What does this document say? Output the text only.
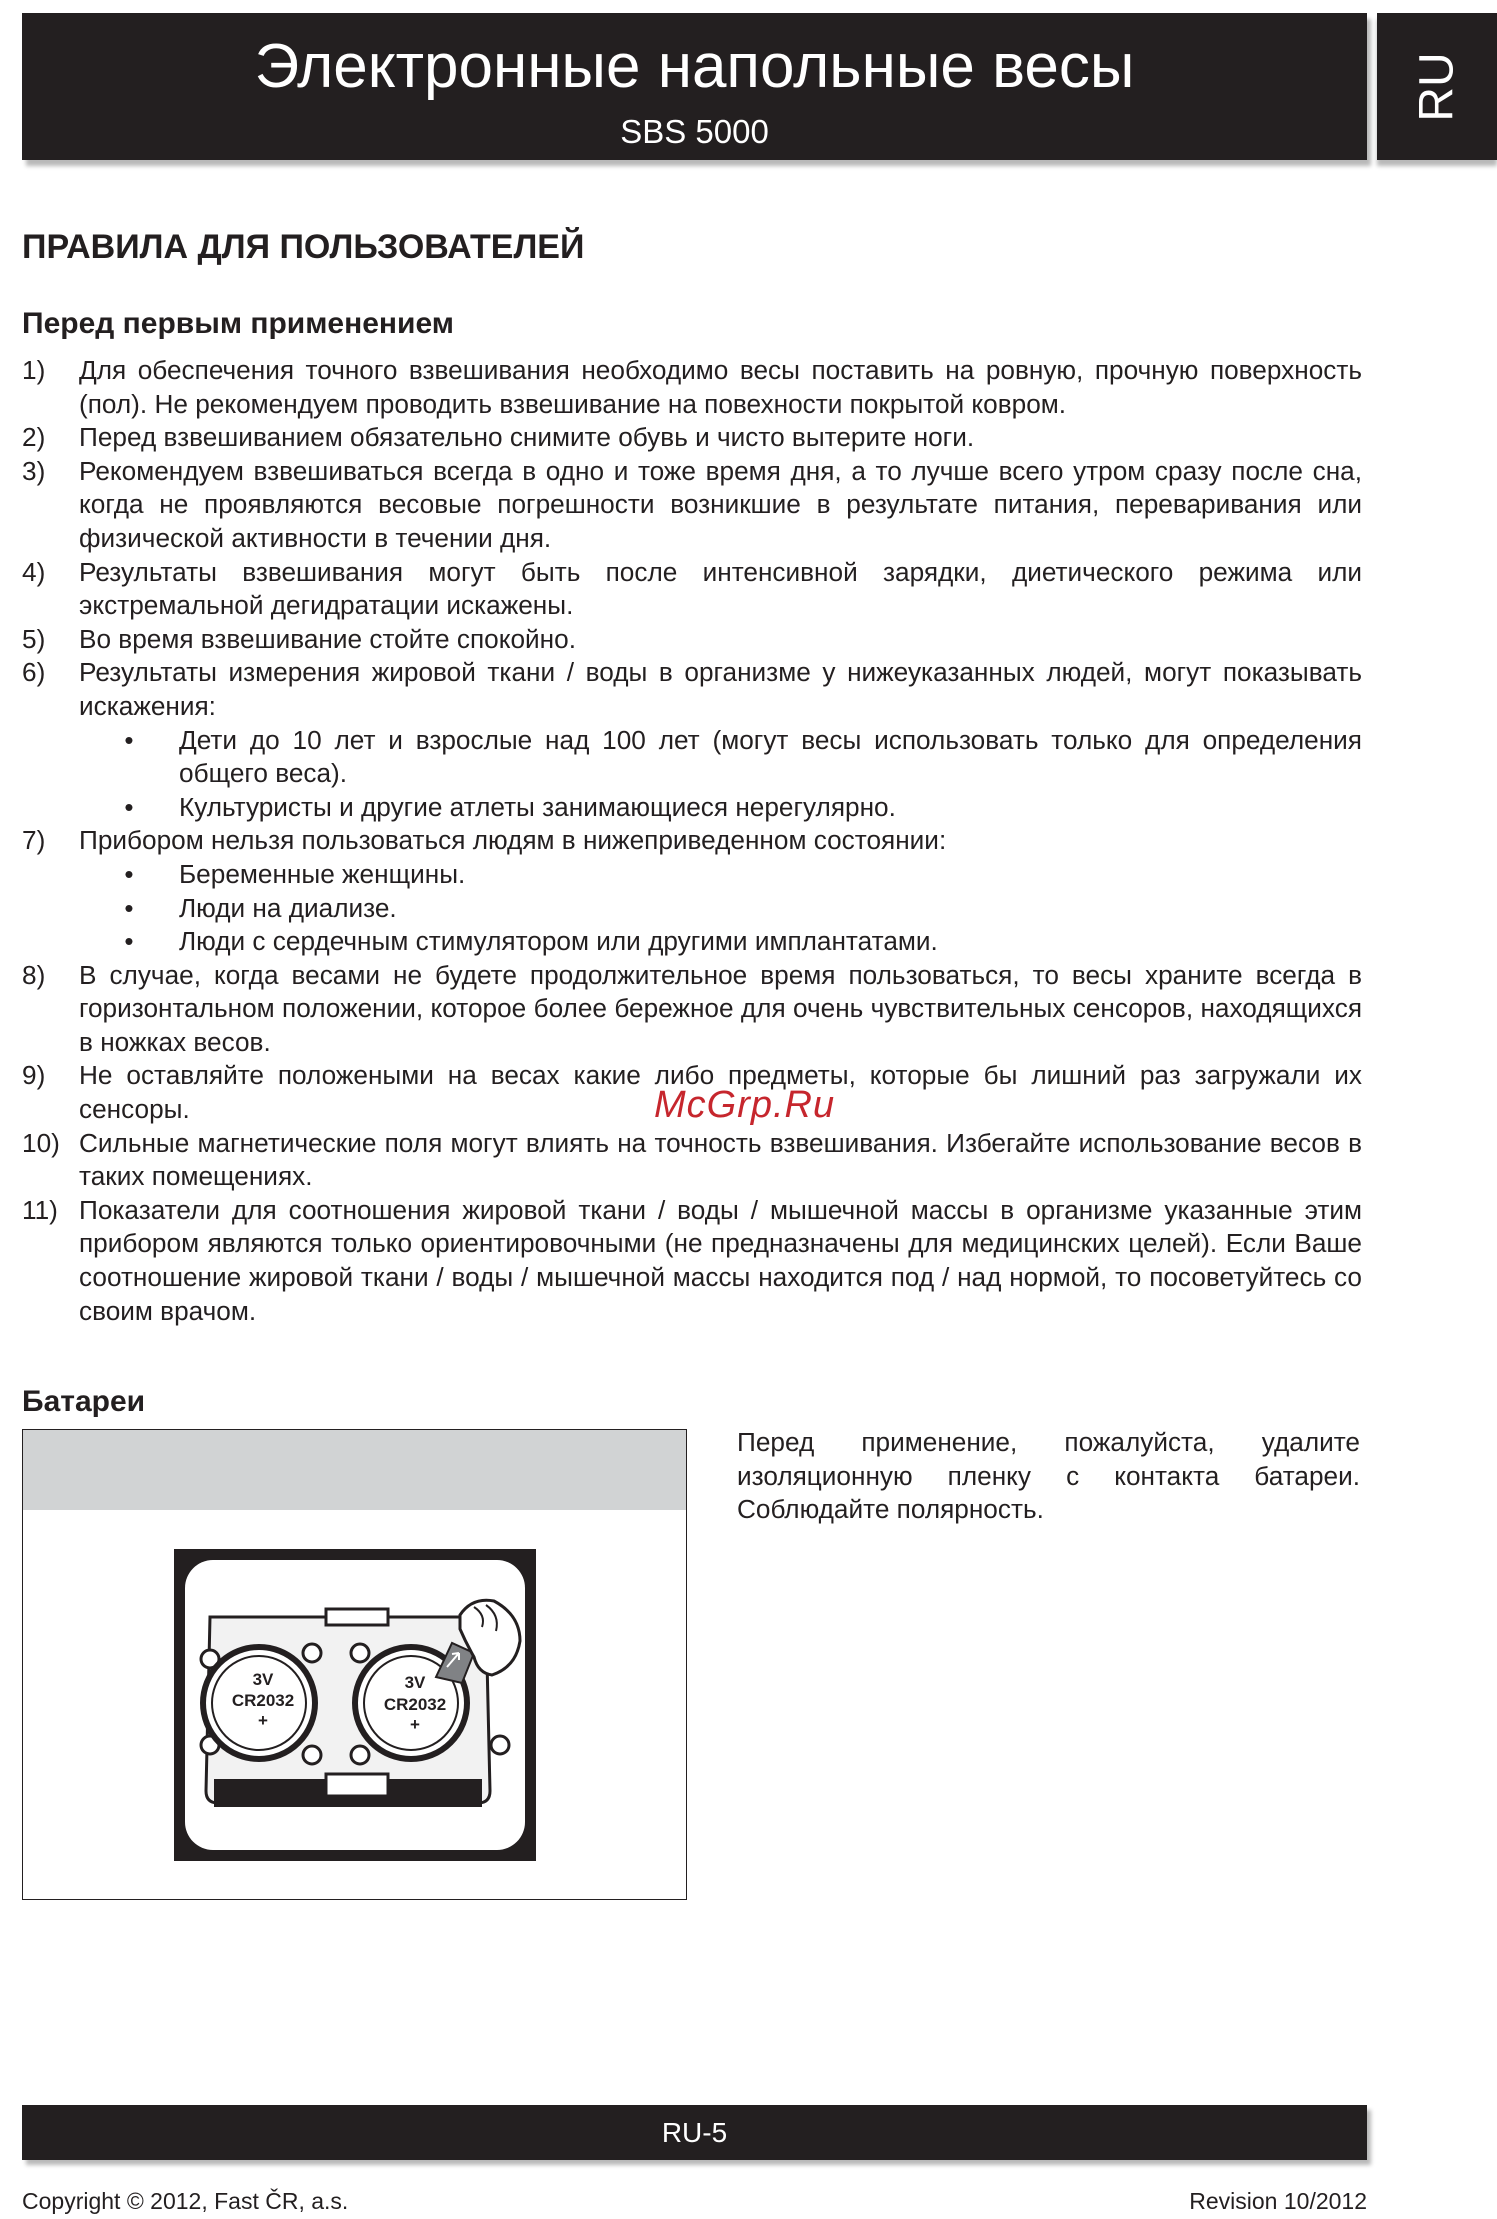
Электронные напольные весы
SBS 5000
RU
ПРАВИЛА ДЛЯ ПОЛЬЗОВАТЕЛЕЙ
Перед первым применением
1)	Для обеспечения точного взвешивания необходимо весы поставить на ровную, прочную поверхность (пол). Не рекомендуем проводить взвешивание на повехности покрытой ковром.
2)	Перед взвешиванием обязательно снимите обувь и чисто вытерите ноги.
3)	Рекомендуем взвешиваться всегда в одно и тоже время дня, а то лучше всего утром сразу после сна, когда не проявляются весовые погрешности возникшие в результате питания, переваривания или физической активности в течении дня.
4)	Результаты взвешивания могут быть после интенсивной зарядки, диетического режима или экстремальной дегидратации искажены.
5)	Во время взвешивание стойте спокойно.
6)	Результаты измерения жировой ткани / воды в организме у нижеуказанных людей, могут показывать искажения:
•	Дети до 10 лет и взрослые над 100 лет (могут весы использовать только для определения общего веса).
•	Культуристы и другие атлеты занимающиеся нерегулярно.
7)	Прибором нельзя пользоваться людям в нижеприведенном состоянии:
•	Беременные женщины.
•	Люди на диализе.
•	Люди с сердечным стимулятором или другими имплантатами.
8)	В случае, когда весами не будете продолжительное время пользоваться, то весы храните всегда в горизонтальном положении, которое более бережное для очень чувствительных сенсоров, находящихся в ножках весов.
9)	Не оставляйте положеными на весах какие либо предметы, которые бы лишний раз загружали их сенсоры.
10) Сильные магнетические поля могут влиять на точность взвешивания. Избегайте использование весов в таких помещениях.
11) Показатели для соотношения жировой ткани / воды / мышечной массы в организме указанные этим прибором являются только ориентировочными (не предназначены для медицинских целей). Если Ваше соотношение жировой ткани / воды / мышечной массы находится под / над нормой, то посоветуйтесь со своим врачом.
McGrp.Ru
Батареи
3V
CR2032
+
3V
CR2032
+
Перед применение, пожалуйста, удалите изоляционную пленку с контакта батареи. Соблюдайте полярность.
RU-5
Copyright © 2012, Fast ČR, a.s.	Revision 10/2012
